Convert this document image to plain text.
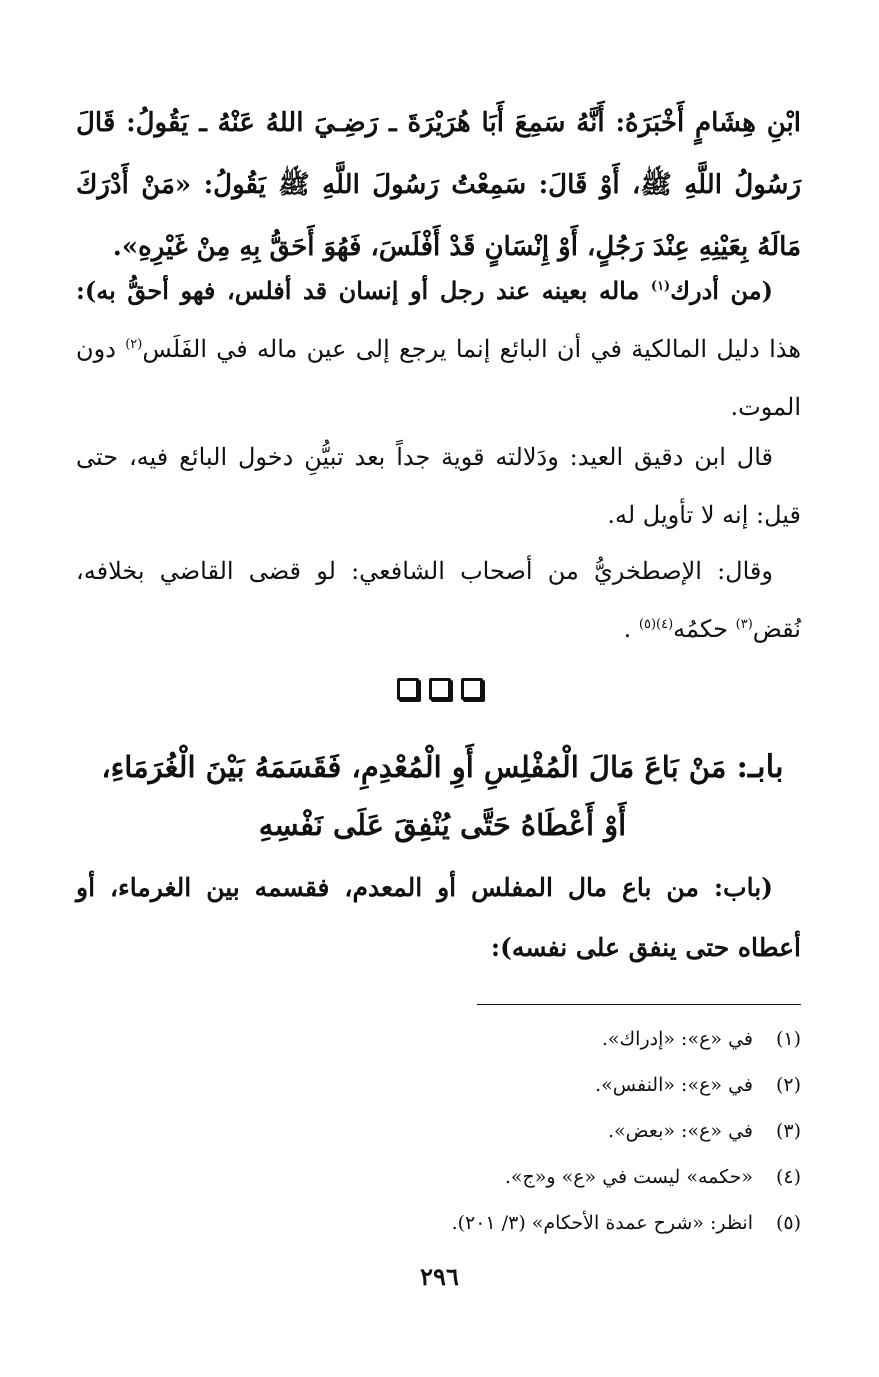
ابْنِ هِشَامٍ أَخْبَرَهُ: أَنَّهُ سَمِعَ أَبَا هُرَيْرَةَ ـ رَضِـيَ اللهُ عَنْهُ ـ يَقُولُ: قَالَ رَسُولُ اللَّهِ ﷺ، أَوْ قَالَ: سَمِعْتُ رَسُولَ اللَّهِ ﷺ يَقُولُ: «مَنْ أَدْرَكَ مَالَهُ بِعَيْنِهِ عِنْدَ رَجُلٍ، أَوْ إِنْسَانٍ قَدْ أَفْلَسَ، فَهُوَ أَحَقُّ بِهِ مِنْ غَيْرِهِ».
(من أدرك$^{(١)}$ ماله بعينه عند رجل أو إنسان قد أفلس، فهو أحقُّ به): هذا دليل المالكية في أن البائع إنما يرجع إلى عين ماله في الفَلَس$^{(٢)}$ دون الموت.
قال ابن دقيق العيد: ودَلالته قوية جداً بعد تبيُّنِ دخول البائع فيه، حتى قيل: إنه لا تأويل له.
وقال: الإصطخريُّ من أصحاب الشافعي: لو قضى القاضي بخلافه، نُقض$^{(٣)}$ حكمُه$^{(٤)(٥)}$ .
بابـ: مَنْ بَاعَ مَالَ الْمُفْلِسِ أَوِ الْمُعْدِمِ، فَقَسَمَهُ بَيْنَ الْغُرَمَاءِ،
أَوْ أَعْطَاهُ حَتَّى يُنْفِقَ عَلَى نَفْسِهِ
(باب: من باع مال المفلس أو المعدم، فقسمه بين الغرماء، أو أعطاه حتى ينفق على نفسه):
(١)في «ع»: «إدراك».
(٢)في «ع»: «النفس».
(٣)في «ع»: «بعض».
(٤)«حكمه» ليست في «ع» و«ج».
(٥)انظر: «شرح عمدة الأحكام» (٣/ ٢٠١).
٢٩٦
